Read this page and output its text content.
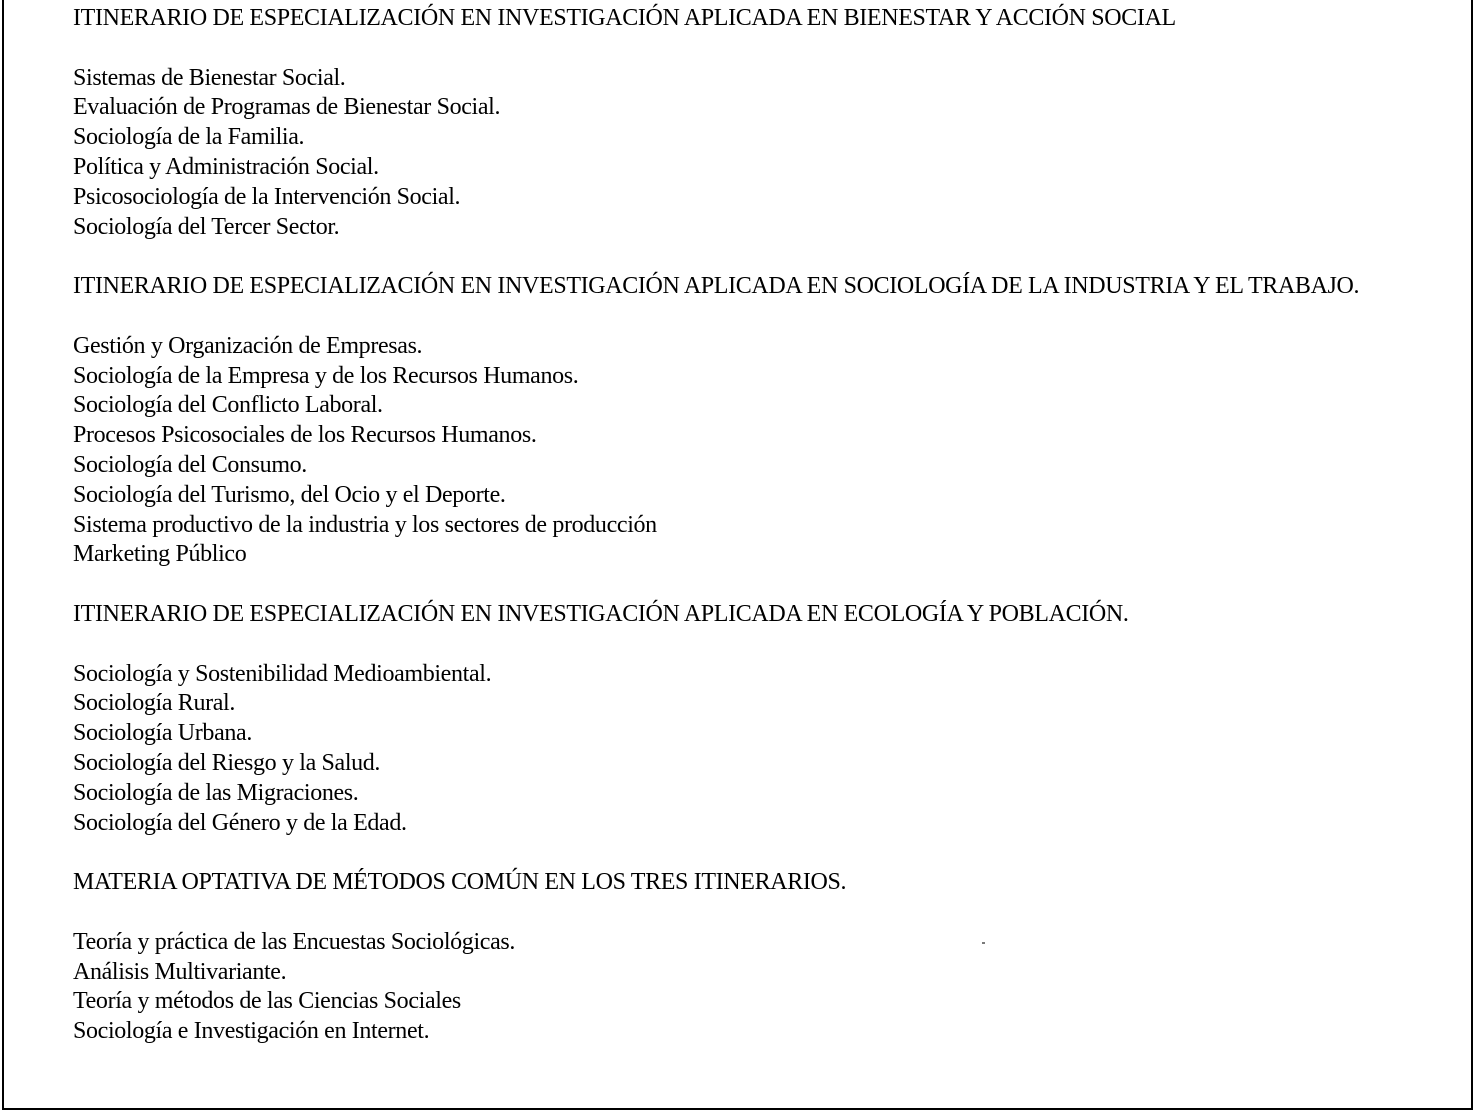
ITINERARIO DE ESPECIALIZACIÓN EN INVESTIGACIÓN APLICADA EN BIENESTAR Y ACCIÓN SOCIAL
Sistemas de Bienestar Social.
Evaluación de Programas de Bienestar Social.
Sociología de la Familia.
Política y Administración Social.
Psicosociología de la Intervención Social.
Sociología del Tercer Sector.
ITINERARIO DE ESPECIALIZACIÓN EN INVESTIGACIÓN APLICADA EN SOCIOLOGÍA DE LA INDUSTRIA Y EL TRABAJO.
Gestión y Organización de Empresas.
Sociología de la Empresa y de los Recursos Humanos.
Sociología del Conflicto Laboral.
Procesos Psicosociales de los Recursos Humanos.
Sociología del Consumo.
Sociología del Turismo, del Ocio y el Deporte.
Sistema productivo de la industria y los sectores de producción
Marketing Público
ITINERARIO DE ESPECIALIZACIÓN EN INVESTIGACIÓN APLICADA EN ECOLOGÍA Y POBLACIÓN.
Sociología y Sostenibilidad Medioambiental.
Sociología Rural.
Sociología Urbana.
Sociología del Riesgo y la Salud.
Sociología de las Migraciones.
Sociología del Género y de la Edad.
MATERIA OPTATIVA DE MÉTODOS COMÚN EN LOS TRES ITINERARIOS.
Teoría y práctica de las Encuestas Sociológicas.
Análisis Multivariante.
Teoría y métodos de las Ciencias Sociales
Sociología e Investigación en Internet.
